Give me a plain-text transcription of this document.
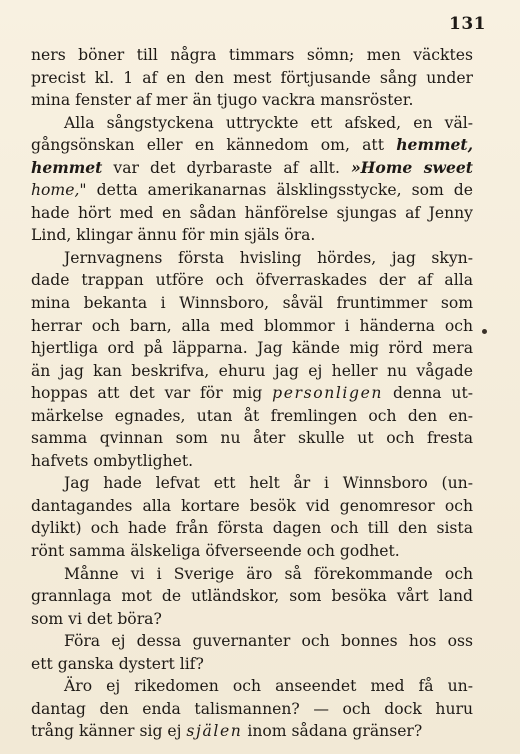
131
ners böner till några timmars sömn; men väcktes
precist kl. 1 af en den mest förtjusande sång under
mina fenster af mer än tjugo vackra mansröster.
Alla sångstyckena uttryckte ett afsked, en väl-
gångsönskan eller en kännedom om, att hemmet,
hemmet var det dyrbaraste af allt. »Home sweet
home," detta amerikanarnas älsklingsstycke, som de
hade hört med en sådan hänförelse sjungas af Jenny
Lind, klingar ännu för min själs öra.
Jernvagnens första hvisling hördes, jag skyn-
dade trappan utföre och öfverraskades der af alla
mina bekanta i Winnsboro, såväl fruntimmer som
herrar och barn, alla med blommor i händerna och
hjertliga ord på läpparna. Jag kände mig rörd mera
än jag kan beskrifva, ehuru jag ej heller nu vågade
hoppas att det var för mig personligen denna ut-
märkelse egnades, utan åt fremlingen och den en-
samma qvinnan som nu åter skulle ut och fresta
hafvets ombytlighet.
Jag hade lefvat ett helt år i Winnsboro (un-
dantagandes alla kortare besök vid genomresor och
dylikt) och hade från första dagen och till den sista
rönt samma älskeliga öfverseende och godhet.
Månne vi i Sverige äro så förekommande och
grannlaga mot de utländskor, som besöka vårt land
som vi det böra?
Föra ej dessa guvernanter och bonnes hos oss
ett ganska dystert lif?
Äro ej rikedomen och anseendet med få un-
dantag den enda talismannen? — och dock huru
trång känner sig ej själen inom sådana gränser?
